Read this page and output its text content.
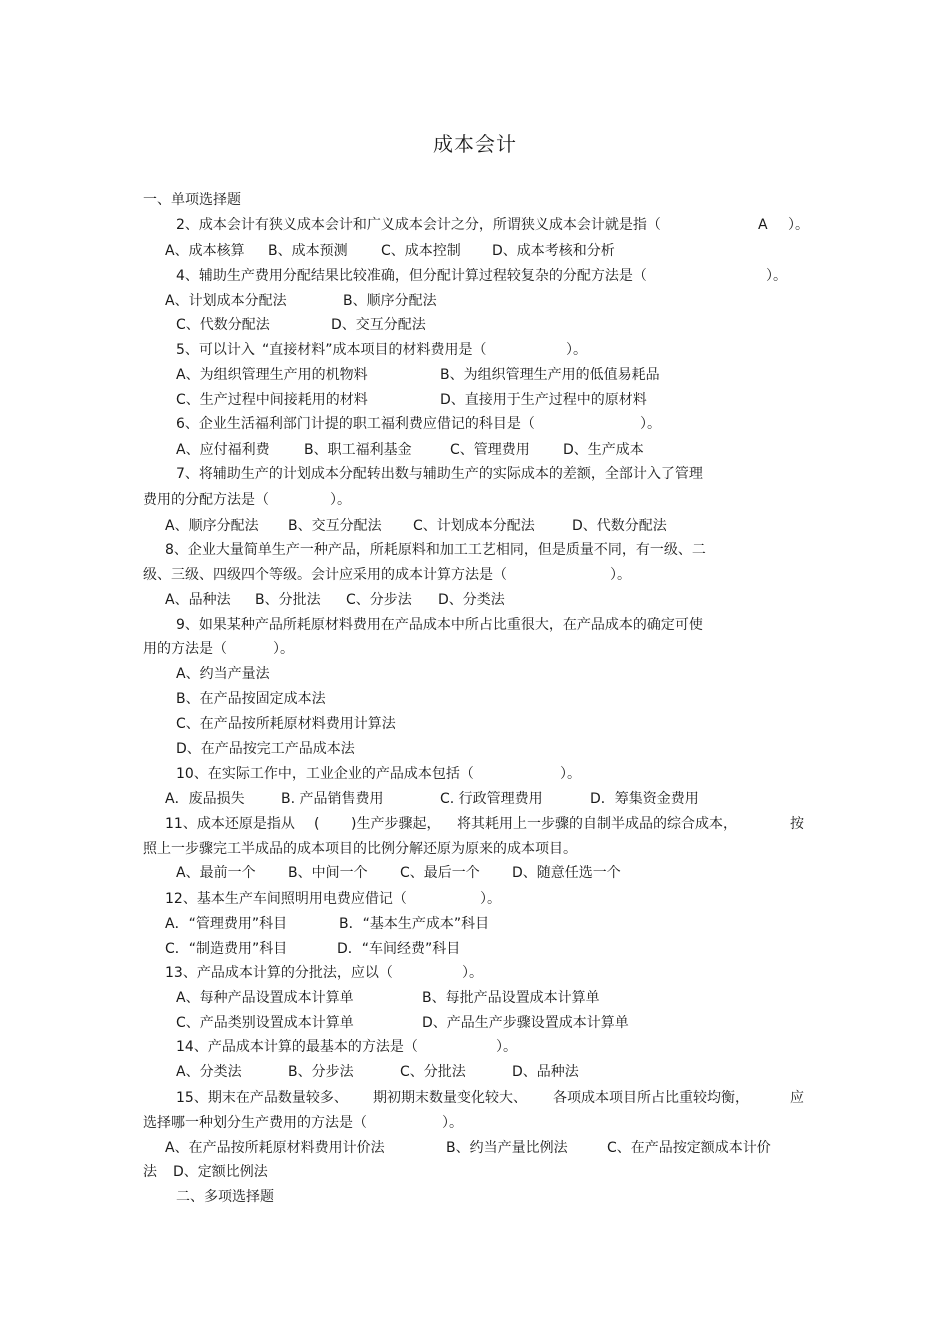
成本会计
一、单项选择题
2、成本会计有狭义成本会计和广义成本会计之分，所谓狭义成本会计就是指（	A ）。
A、成本核算 B、成本预测 C、成本控制 D、成本考核和分析
4、辅助生产费用分配结果比较准确，但分配计算过程较复杂的分配方法是（	）。
A、计划成本分配法	B、顺序分配法
C、代数分配法	D、交互分配法
5、可以计入 “直接材料”成本项目的材料费用是（	）。
A、为组织管理生产用的机物料	B、为组织管理生产用的低值易耗品
C、生产过程中间接耗用的材料	D、直接用于生产过程中的原材料
6、企业生活福利部门计提的职工福利费应借记的科目是（	）。
A、应付福利费 B、职工福利基金	C、管理费用 D、生产成本
7、将辅助生产的计划成本分配转出数与辅助生产的实际成本的差额，全部计入了管理
费用的分配方法是（	）。
A、顺序分配法 B、交互分配法 C、计划成本分配法	D、代数分配法
8、企业大量简单生产一种产品，所耗原料和加工工艺相同，但是质量不同，有一级、二
级、三级、四级四个等级。会计应采用的成本计算方法是（	）。
A、品种法 B、分批法 C、分步法 D、分类法
9、如果某种产品所耗原材料费用在产品成本中所占比重很大，在产品成本的确定可使
用的方法是（	）。
A、约当产量法
B、在产品按固定成本法
C、在产品按所耗原材料费用计算法
D、在产品按完工产品成本法
10、在实际工作中，工业企业的产品成本包括（	）。
A．废品损失	B. 产品销售费用	C. 行政管理费用	D．筹集资金费用
11、成本还原是指从 ( )生产步骤起， 将其耗用上一步骤的自制半成品的综合成本，	按
照上一步骤完工半成品的成本项目的比例分解还原为原来的成本项目。
A、最前一个 B、中间一个 C、最后一个 D、随意任选一个
12、基本生产车间照明用电费应借记（	）。
A．“管理费用”科目	B．“基本生产成本”科目
C．“制造费用”科目	D．“车间经费”科目
13、产品成本计算的分批法，应以（	）。
A、每种产品设置成本计算单	B、每批产品设置成本计算单
C、产品类别设置成本计算单	D、产品生产步骤设置成本计算单
14、产品成本计算的最基本的方法是（	）。
A、分类法	B、分步法	C、分批法	D、品种法
15、期末在产品数量较多、 期初期末数量变化较大、 各项成本项目所占比重较均衡，	应
选择哪一种划分生产费用的方法是（	）。
A、在产品按所耗原材料费用计价法	B、约当产量比例法	C、在产品按定额成本计价
法 D、定额比例法
二、多项选择题
